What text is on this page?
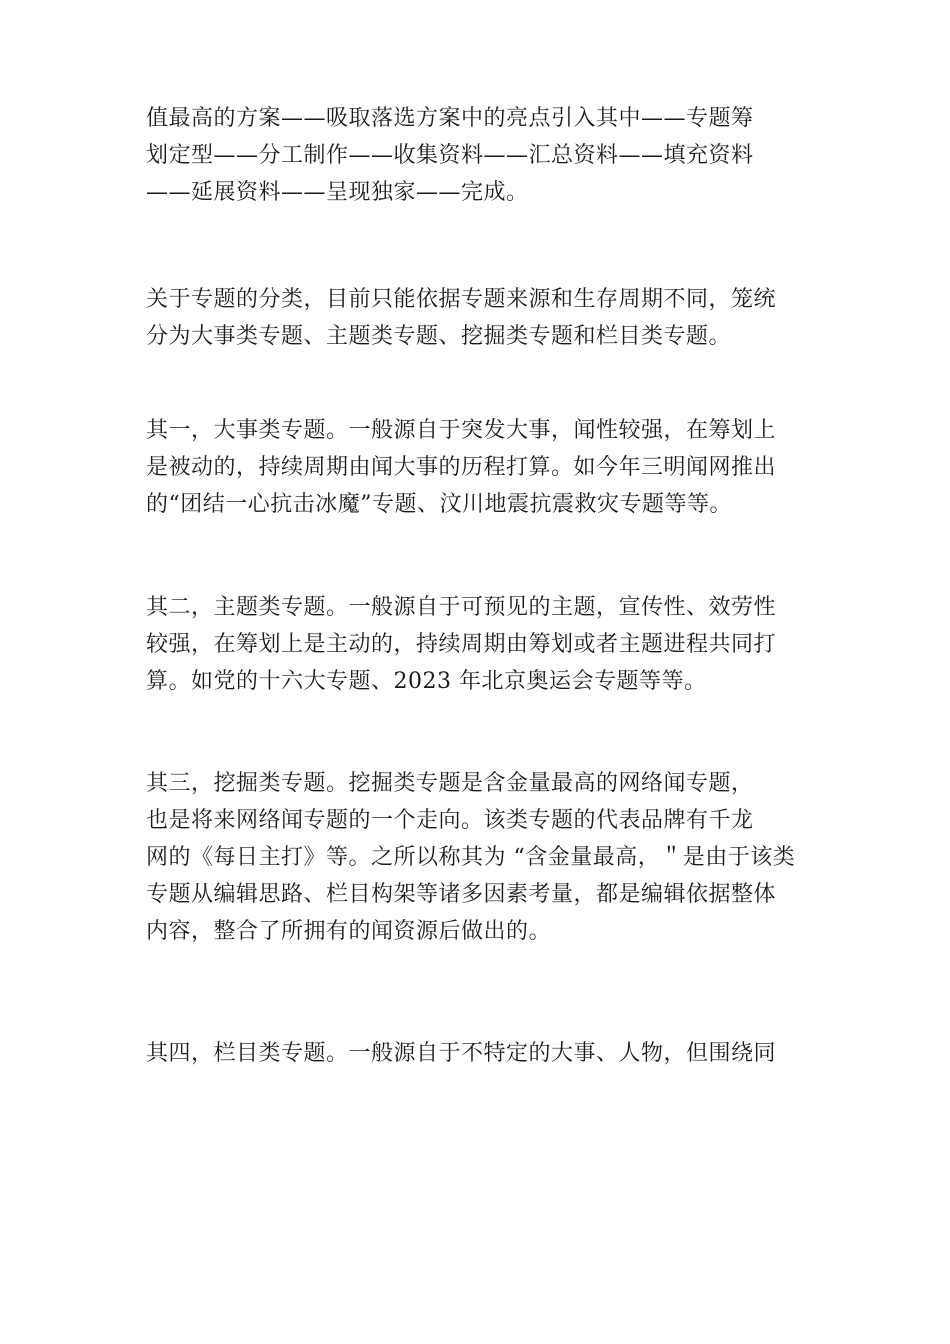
值最高的方案——吸取落选方案中的亮点引入其中——专题筹
划定型——分工制作——收集资料——汇总资料——填充资料
——延展资料——呈现独家——完成。

关于专题的分类，目前只能依据专题来源和生存周期不同，笼统
分为大事类专题、主题类专题、挖掘类专题和栏目类专题。

其一，大事类专题。一般源自于突发大事，闻性较强，在筹划上
是被动的，持续周期由闻大事的历程打算。如今年三明闻网推出
的“团结一心抗击冰魔”专题、汶川地震抗震救灾专题等等。

其二，主题类专题。一般源自于可预见的主题，宣传性、效劳性
较强，在筹划上是主动的，持续周期由筹划或者主题进程共同打
算。如党的十六大专题、2023 年北京奥运会专题等等。

其三，挖掘类专题。挖掘类专题是含金量最高的网络闻专题，
也是将来网络闻专题的一个走向。该类专题的代表品牌有千龙
网的《每日主打》等。之所以称其为 “含金量最高，＂是由于该类
专题从编辑思路、栏目构架等诸多因素考量，都是编辑依据整体
内容，整合了所拥有的闻资源后做出的。

其四，栏目类专题。一般源自于不特定的大事、人物，但围绕同
